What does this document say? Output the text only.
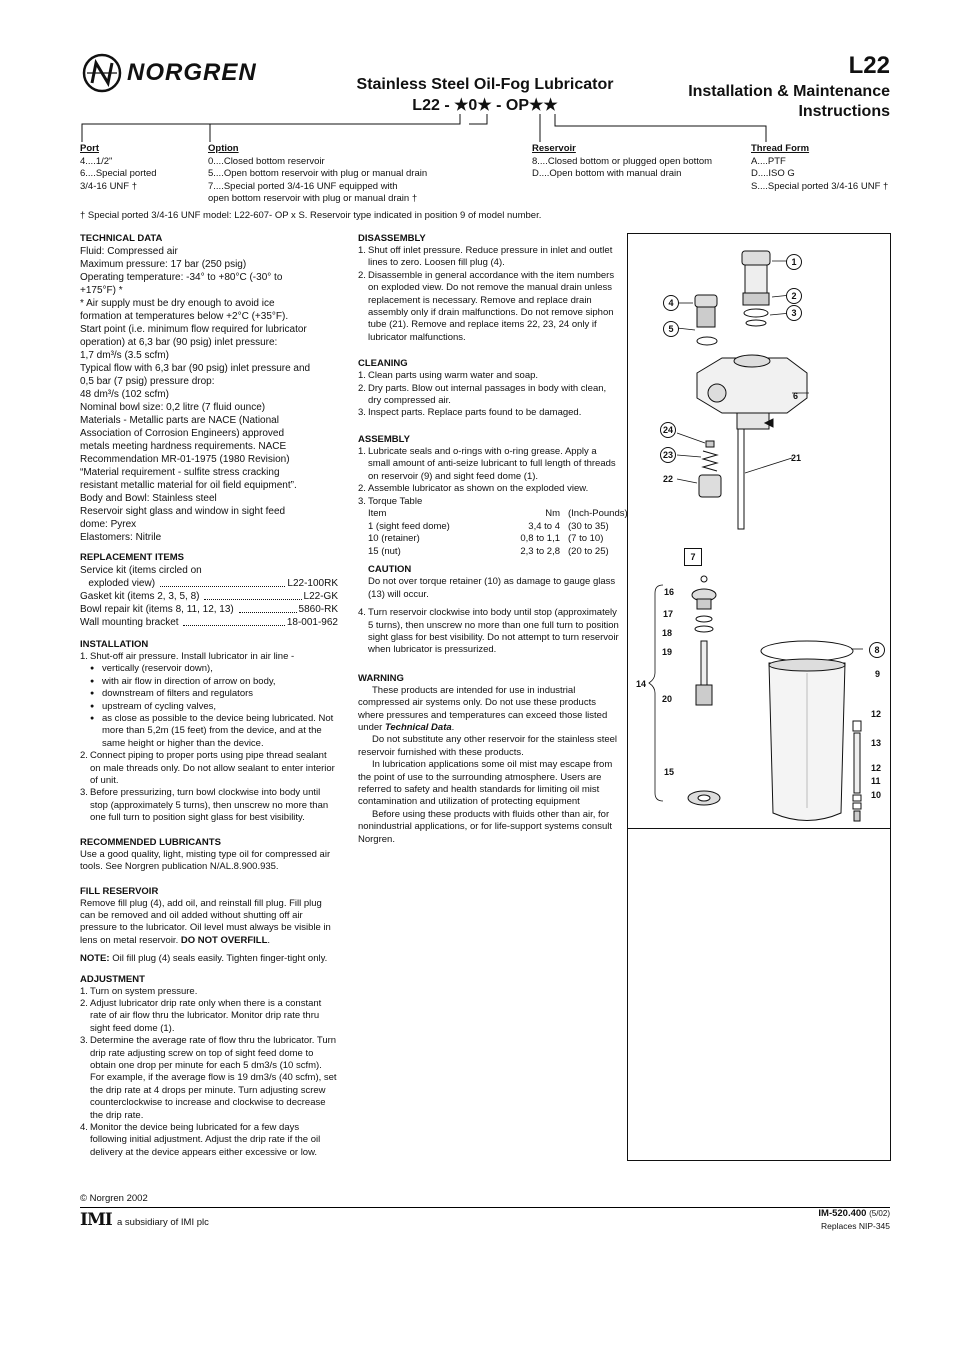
NORGREN	Stainless Steel Oil-Fog Lubricator
L22 - ★0★ - OP★★
L22
Installation & Maintenance
Instructions
Port
4....1/2"
6....Special ported
3/4-16 UNF †
Option
0....Closed bottom reservoir
5....Open bottom reservoir with plug or manual drain
7....Special ported 3/4-16 UNF equipped with
open bottom reservoir with plug or manual drain †
Reservoir
8....Closed bottom or plugged open bottom
D....Open bottom with manual drain
Thread Form
A....PTF
D....ISO G
S....Special ported 3/4-16 UNF †
† Special ported 3/4-16 UNF model: L22-607- OP x S. Reservoir type indicated in position 9 of model number.
TECHNICAL DATA
Fluid: Compressed air
Maximum pressure: 17 bar (250 psig)
Operating temperature: -34° to +80°C (-30° to
+175°F) *
* Air supply must be dry enough to avoid ice
formation at temperatures below +2°C (+35°F).
Start point (i.e. minimum flow required for lubricator
operation) at 6,3 bar (90 psig) inlet pressure:
1,7 dm³/s (3.5 scfm)
Typical flow with 6,3 bar (90 psig) inlet pressure and
0,5 bar (7 psig) pressure drop:
48 dm³/s (102 scfm)
Nominal bowl size: 0,2 litre (7 fluid ounce)
Materials - Metallic parts are NACE (National
Association of Corrosion Engineers) approved
metals meeting hardness requirements. NACE
Recommendation MR-01-1975 (1980 Revision)
“Material requirement - sulfite stress cracking
resistant metallic material for oil field equipment”.
Body and Bowl: Stainless steel
Reservoir sight glass and window in sight feed
dome: Pyrex
Elastomers: Nitrile
REPLACEMENT ITEMS
Service kit (items circled on
exploded view)	L22-100RK
Gasket kit (items 2, 3, 5, 8)	L22-GK
Bowl repair kit (items 8, 11, 12, 13)	5860-RK
Wall mounting bracket	18-001-962
INSTALLATION
1. Shut-off air pressure. Install lubricator in air line -
● vertically (reservoir down),
● with air flow in direction of arrow on body,
● downstream of filters and regulators
● upstream of cycling valves,
● as close as possible to the device being lubricated. Not more than 5,2m (15 feet) from the device, and at the same height or higher than the device.
2. Connect piping to proper ports using pipe thread sealant on male threads only. Do not allow sealant to enter interior of unit.
3. Before pressurizing, turn bowl clockwise into body until stop (approximately 5 turns), then unscrew no more than one full turn to position sight glass for best visibility.
RECOMMENDED LUBRICANTS
Use a good quality, light, misting type oil for compressed air tools. See Norgren publication N/AL.8.900.935.
FILL RESERVOIR
Remove fill plug (4), add oil, and reinstall fill plug. Fill plug can be removed and oil added without shutting off air pressure to the lubricator. Oil level must always be visible in lens on metal reservoir. DO NOT OVERFILL.
NOTE: Oil fill plug (4) seals easily. Tighten finger-tight only.
ADJUSTMENT
1. Turn on system pressure.
2. Adjust lubricator drip rate only when there is a constant rate of air flow thru the lubricator. Monitor drip rate thru sight feed dome (1).
3. Determine the average rate of flow thru the lubricator. Turn drip rate adjusting screw on top of sight feed dome to obtain one drop per minute for each 5 dm3/s (10 scfm). For example, if the average flow is 19 dm3/s (40 scfm), set the drip rate at 4 drops per minute. Turn adjusting screw counterclockwise to increase and clockwise to decrease the drip rate.
4. Monitor the device being lubricated for a few days following initial adjustment. Adjust the drip rate if the oil delivery at the device appears either excessive or low.
DISASSEMBLY
1. Shut off inlet pressure. Reduce pressure in inlet and outlet lines to zero. Loosen fill plug (4).
2. Disassemble in general accordance with the item numbers on exploded view. Do not remove the manual drain unless replacement is necessary. Remove and replace drain assembly only if drain malfunctions. Do not remove siphon tube (21). Remove and replace items 22, 23, 24 only if lubricator malfunctions.
CLEANING
1. Clean parts using warm water and soap.
2. Dry parts. Blow out internal passages in body with clean, dry compressed air.
3. Inspect parts. Replace parts found to be damaged.
ASSEMBLY
1. Lubricate seals and o-rings with o-ring grease. Apply a small amount of anti-seize lubricant to full length of threads on reservoir (9) and sight feed dome (1).
2. Assemble lubricator as shown on the exploded view.
3. Torque Table
Item	Nm (Inch-Pounds)
1 (sight feed dome)	3,4 to 4 (30 to 35)
10 (retainer)	0,8 to 1,1 (7 to 10)
15 (nut)	2,3 to 2,8 (20 to 25)
CAUTION
Do not over torque retainer (10) as damage to gauge glass (13) will occur.
4. Turn reservoir clockwise into body until stop (approximately 5 turns), then unscrew no more than one full turn to position sight glass for best visibility. Do not attempt to turn reservoir when lubricator is pressurized.
WARNING
These products are intended for use in industrial compressed air systems only. Do not use these products where pressures and temperatures can exceed those listed under Technical Data.
Do not substitute any other reservoir for the stainless steel reservoir furnished with these products.
In lubrication applications some oil mist may escape from the point of use to the surrounding atmosphere. Users are referred to safety and health standards for limiting oil mist contamination and utilization of protecting equipment
Before using these products with fluids other than air, for nonindustrial applications, or for life-support systems consult Norgren.
1
2
3
4
5
6
24
23	21
22
7
16
17
18
19
14
20
15
8
9
12
13
12
11
10
© Norgren 2002
IMI a subsidiary of IMI plc
IM-520.400 (5/02)
Replaces NIP-345
